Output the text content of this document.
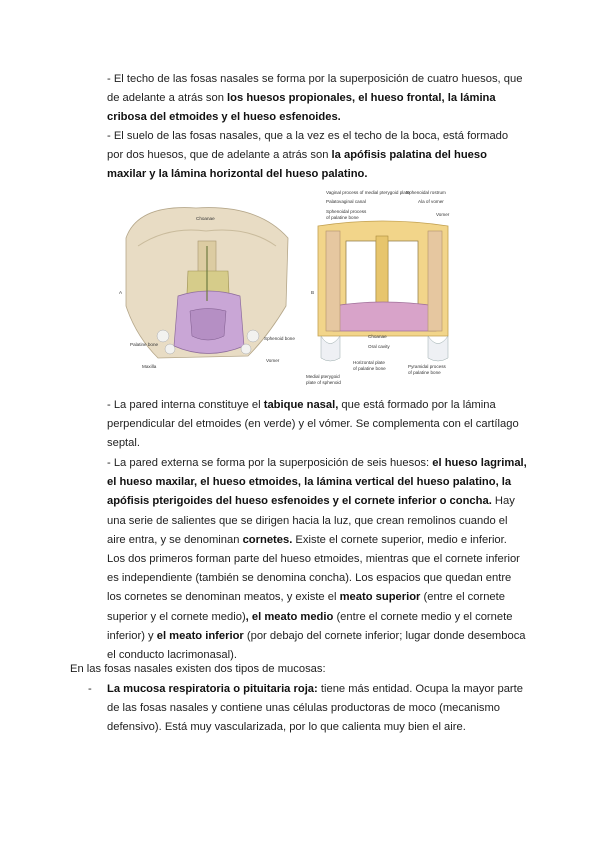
- El techo de las fosas nasales se forma por la superposición de cuatro huesos, que de adelante a atrás son los huesos propionales, el hueso frontal, la lámina cribosa del etmoides y el hueso esfenoides.

- El suelo de las fosas nasales, que a la vez es el techo de la boca, está formado por dos huesos, que de adelante a atrás son la apófisis palatina del hueso maxilar y la lámina horizontal del hueso palatino.

A
Choanae
Palatine bone
Maxilla
Sphenoid bone
Vomer
B
Vaginal process of medial pterygoid plate
Sphenoidal rostrum
Palatovaginal canal	Ala of vomer
Sphenoidal process
of palatine bone
Vomer
Choanae
Oral cavity
Horizontal plate
of palatine bone
Medial pterygoid
plate of sphenoid
Pyramidal process
of palatine bone

- La pared interna constituye el tabique nasal, que está formado por la lámina perpendicular del etmoides (en verde) y el vómer. Se complementa con el cartílago septal.

- La pared externa se forma por la superposición de seis huesos: el hueso lagrimal, el hueso maxilar, el hueso etmoides, la lámina vertical del hueso palatino, la apófisis pterigoides del hueso esfenoides y el cornete inferior o concha. Hay una serie de salientes que se dirigen hacia la luz, que crean remolinos cuando el aire entra, y se denominan cornetes. Existe el cornete superior, medio e inferior. Los dos primeros forman parte del hueso etmoides, mientras que el cornete inferior es independiente (también se denomina concha). Los espacios que quedan entre los cornetes se denominan meatos, y existe el meato superior (entre el cornete superior y el cornete medio), el meato medio (entre el cornete medio y el cornete inferior) y el meato inferior (por debajo del cornete inferior; lugar donde desemboca el conducto lacrimonasal).

En las fosas nasales existen dos tipos de mucosas:

- La mucosa respiratoria o pituitaria roja: tiene más entidad. Ocupa la mayor parte de las fosas nasales y contiene unas células productoras de moco (mecanismo defensivo). Está muy vascularizada, por lo que calienta muy bien el aire.
